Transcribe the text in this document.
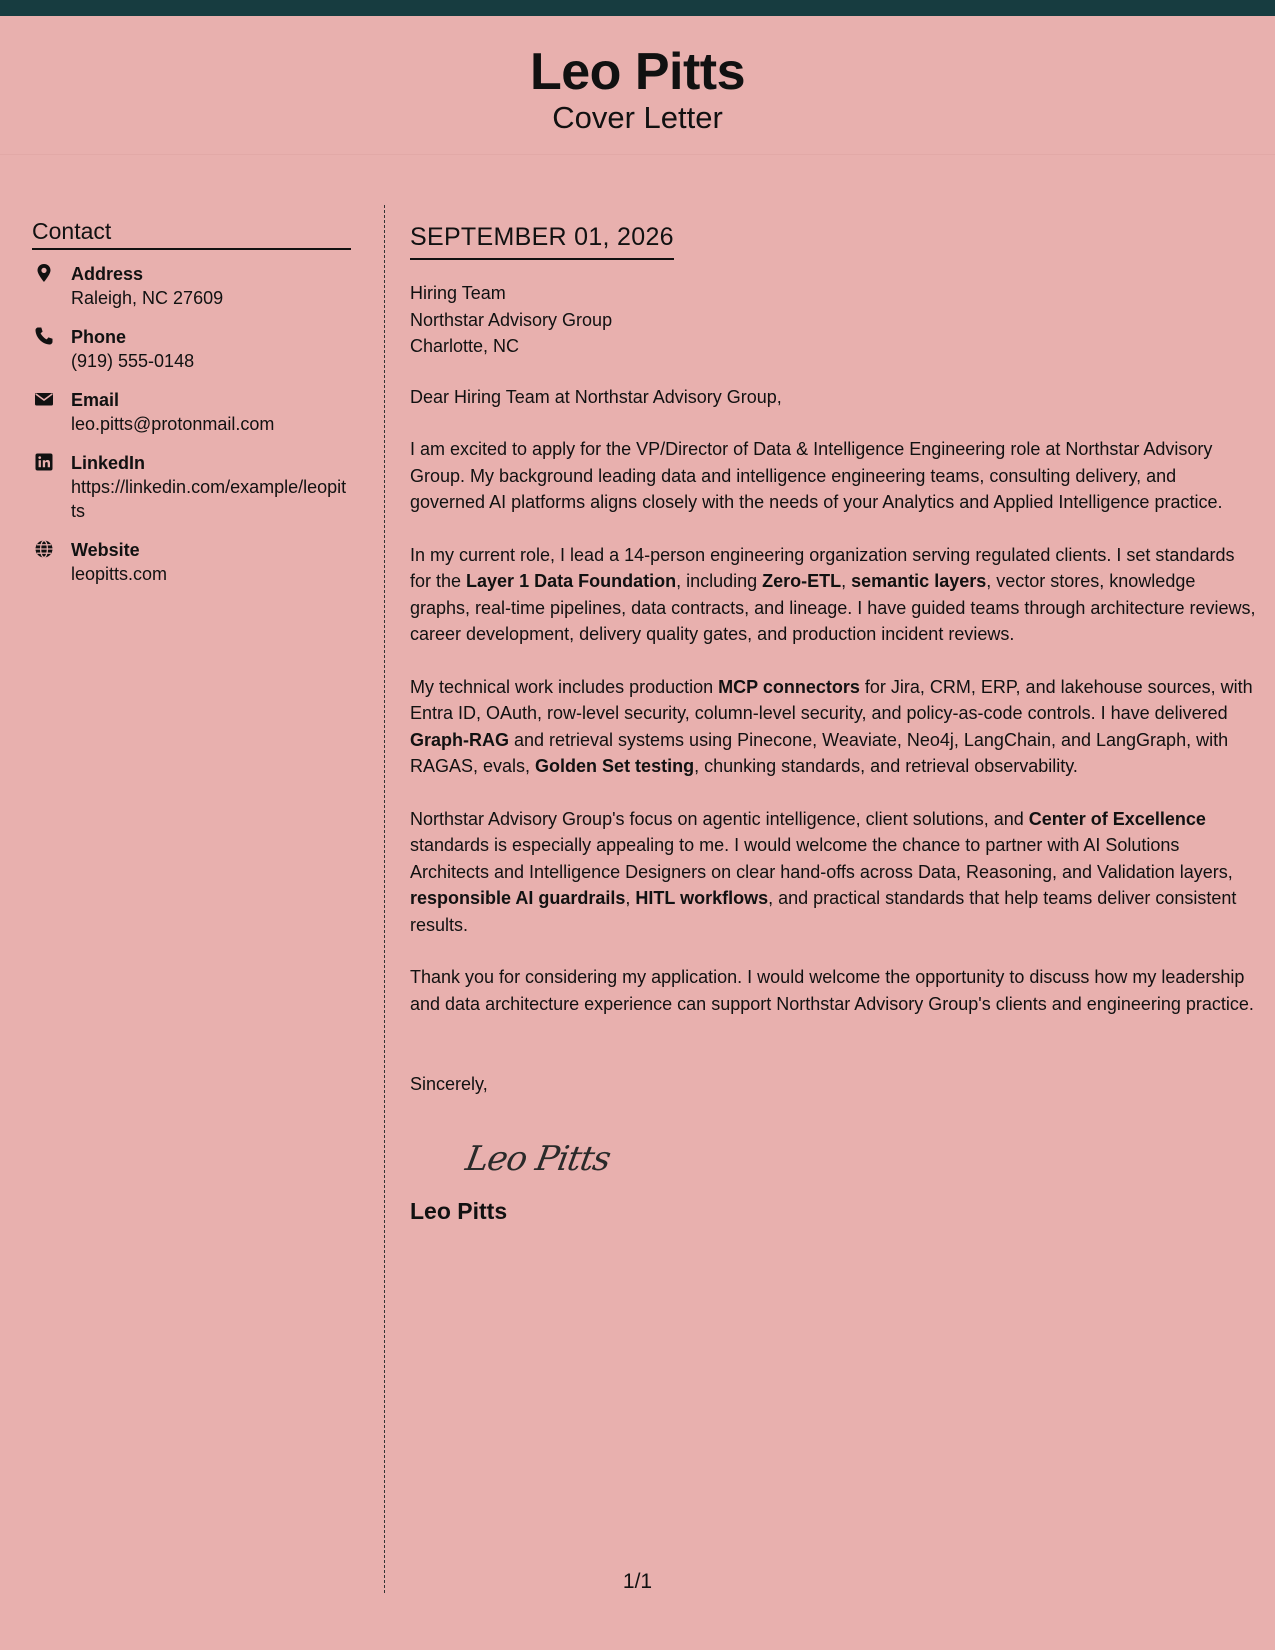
Leo Pitts
Cover Letter
Contact
Address
Raleigh, NC 27609
Phone
(919) 555-0148
Email
leo.pitts@protonmail.com
LinkedIn
https://linkedin.com/example/leopitts
Website
leopitts.com
SEPTEMBER 01, 2026
Hiring Team
Northstar Advisory Group
Charlotte, NC
Dear Hiring Team at Northstar Advisory Group,
I am excited to apply for the VP/Director of Data & Intelligence Engineering role at Northstar Advisory Group. My background leading data and intelligence engineering teams, consulting delivery, and governed AI platforms aligns closely with the needs of your Analytics and Applied Intelligence practice.
In my current role, I lead a 14-person engineering organization serving regulated clients. I set standards for the Layer 1 Data Foundation, including Zero-ETL, semantic layers, vector stores, knowledge graphs, real-time pipelines, data contracts, and lineage. I have guided teams through architecture reviews, career development, delivery quality gates, and production incident reviews.
My technical work includes production MCP connectors for Jira, CRM, ERP, and lakehouse sources, with Entra ID, OAuth, row-level security, column-level security, and policy-as-code controls. I have delivered Graph-RAG and retrieval systems using Pinecone, Weaviate, Neo4j, LangChain, and LangGraph, with RAGAS, evals, Golden Set testing, chunking standards, and retrieval observability.
Northstar Advisory Group's focus on agentic intelligence, client solutions, and Center of Excellence standards is especially appealing to me. I would welcome the chance to partner with AI Solutions Architects and Intelligence Designers on clear hand-offs across Data, Reasoning, and Validation layers, responsible AI guardrails, HITL workflows, and practical standards that help teams deliver consistent results.
Thank you for considering my application. I would welcome the opportunity to discuss how my leadership and data architecture experience can support Northstar Advisory Group's clients and engineering practice.
Sincerely,
Leo Pitts
Leo Pitts
1/1
